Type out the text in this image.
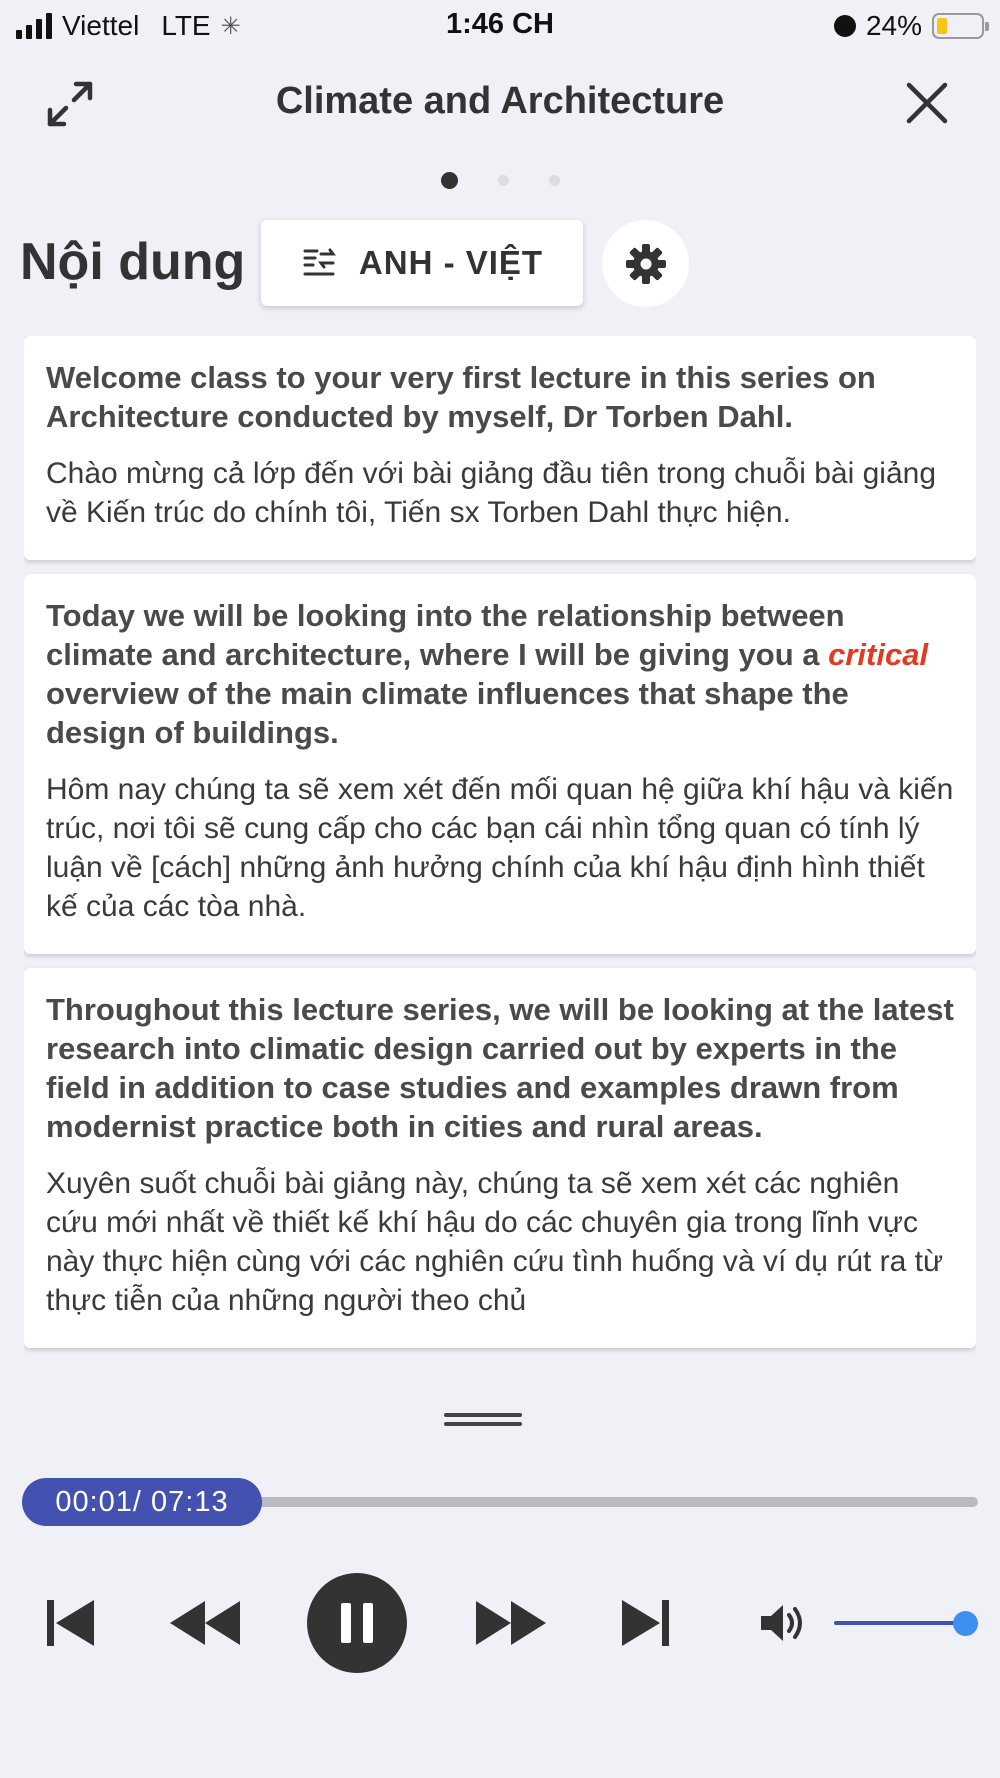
Viettel LTE ✳	1:46 CH	24%
Climate and Architecture
Nội dung	ANH - VIỆT
Welcome class to your very first lecture in this series on Architecture conducted by myself, Dr Torben Dahl.
Chào mừng cả lớp đến với bài giảng đầu tiên trong chuỗi bài giảng về Kiến trúc do chính tôi, Tiến sx Torben Dahl thực hiện.
Today we will be looking into the relationship between climate and architecture, where I will be giving you a critical overview of the main climate influences that shape the design of buildings.
Hôm nay chúng ta sẽ xem xét đến mối quan hệ giữa khí hậu và kiến trúc, nơi tôi sẽ cung cấp cho các bạn cái nhìn tổng quan có tính lý luận về [cách] những ảnh hưởng chính của khí hậu định hình thiết kế của các tòa nhà.
Throughout this lecture series, we will be looking at the latest research into climatic design carried out by experts in the field in addition to case studies and examples drawn from modernist practice both in cities and rural areas.
Xuyên suốt chuỗi bài giảng này, chúng ta sẽ xem xét các nghiên cứu mới nhất về thiết kế khí hậu do các chuyên gia trong lĩnh vực này thực hiện cùng với các nghiên cứu tình huống và ví dụ rút ra từ thực tiễn của những người theo chủ
00:01/ 07:13
